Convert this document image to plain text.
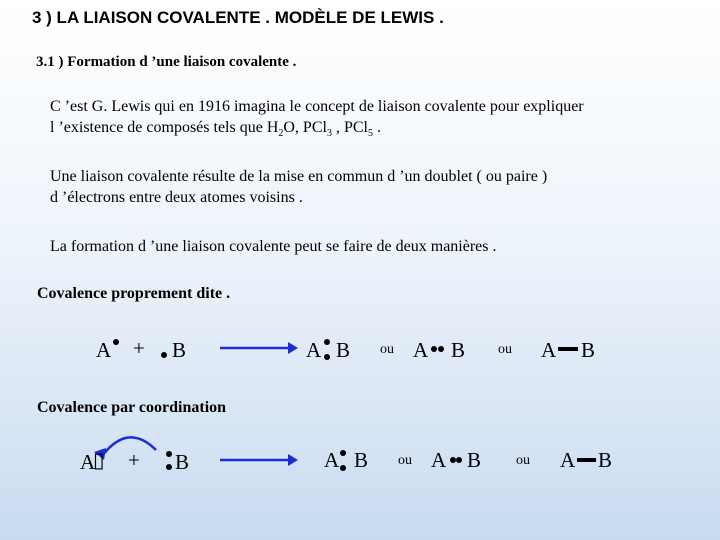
3 ) LA LIAISON COVALENTE . MODÈLE DE LEWIS .
3.1 ) Formation d ’une liaison covalente .
C ’est G. Lewis qui en 1916 imagina le concept de liaison covalente pour expliquer
l ’existence de composés tels que $H_2O$, PCl$_3$ , PCl$_5$ .
Une liaison covalente résulte de la mise en commun d ’un doublet ( ou paire )
d ’électrons entre deux atomes voisins .
La formation d ’une liaison covalente peut se faire de deux manières .
Covalence proprement dite .
A + B	A B ou A B ou A B
Covalence par coordination
A
▯ + B	A B ou A B ou A B
